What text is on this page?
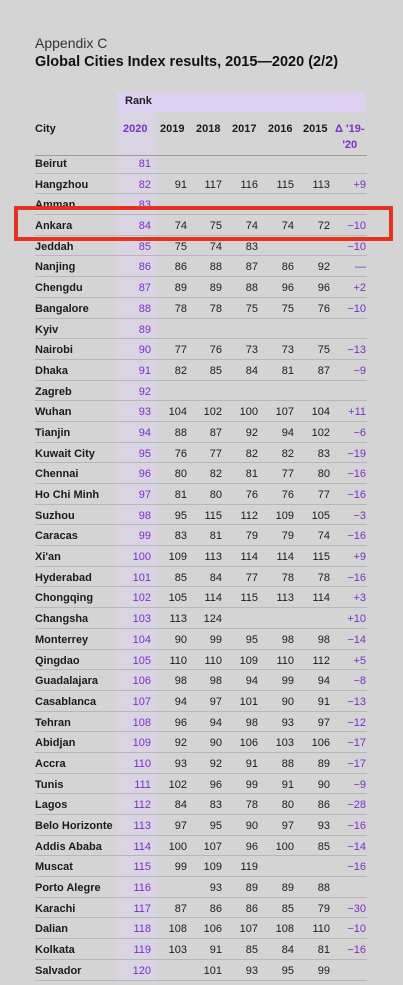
Appendix C
Global Cities Index results, 2015—2020 (2/2)
Rank
City	2020 2019 2018 2017 2016 2015 Δ '19-
'20
Beirut	81
Hangzhou	82 91 117 116 115 113 +9
Amman	83
Ankara	84 74 75 74 74 72 −10
Jeddah	85 75 74 83	−10
Nanjing	86 86 88 87 86 92 —
Chengdu	87 89 89 88 96 96 +2
Bangalore	88 78 78 75 75 76 −10
Kyiv	89
Nairobi	90 77 76 73 73 75 −13
Dhaka	91 82 85 84 81 87 −9
Zagreb	92
Wuhan	93 104 102 100 107 104 +11
Tianjin	94 88 87 92 94 102 −6
Kuwait City	95 76 77 82 82 83 −19
Chennai	96 80 82 81 77 80 −16
Ho Chi Minh	97 81 80 76 76 77 −16
Suzhou	98 95 115 112 109 105 −3
Caracas	99 83 81 79 79 74 −16
Xi'an	100 109 113 114 114 115 +9
Hyderabad	101 85 84 77 78 78 −16
Chongqing	102 105 114 115 113 114 +3
Changsha	103 113 124	+10
Monterrey	104 90 99 95 98 98 −14
Qingdao	105 110 110 109 110 112 +5
Guadalajara	106 98 98 94 99 94 −8
Casablanca	107 94 97 101 90 91 −13
Tehran	108 96 94 98 93 97 −12
Abidjan	109 92 90 106 103 106 −17
Accra	110 93 92 91 88 89 −17
Tunis	111 102 96 99 91 90 −9
Lagos	112 84 83 78 80 86 −28
Belo Horizonte 113 97 95 90 97 93 −16
Addis Ababa	114 100 107 96 100 85 −14
Muscat	115 99 109 119	−16
Porto Alegre	116	93 89 89 88
Karachi	117 87 86 86 85 79 −30
Dalian	118 108 106 107 108 110 −10
Kolkata	119 103 91 85 84 81 −16
Salvador	120	101 93 95 99
